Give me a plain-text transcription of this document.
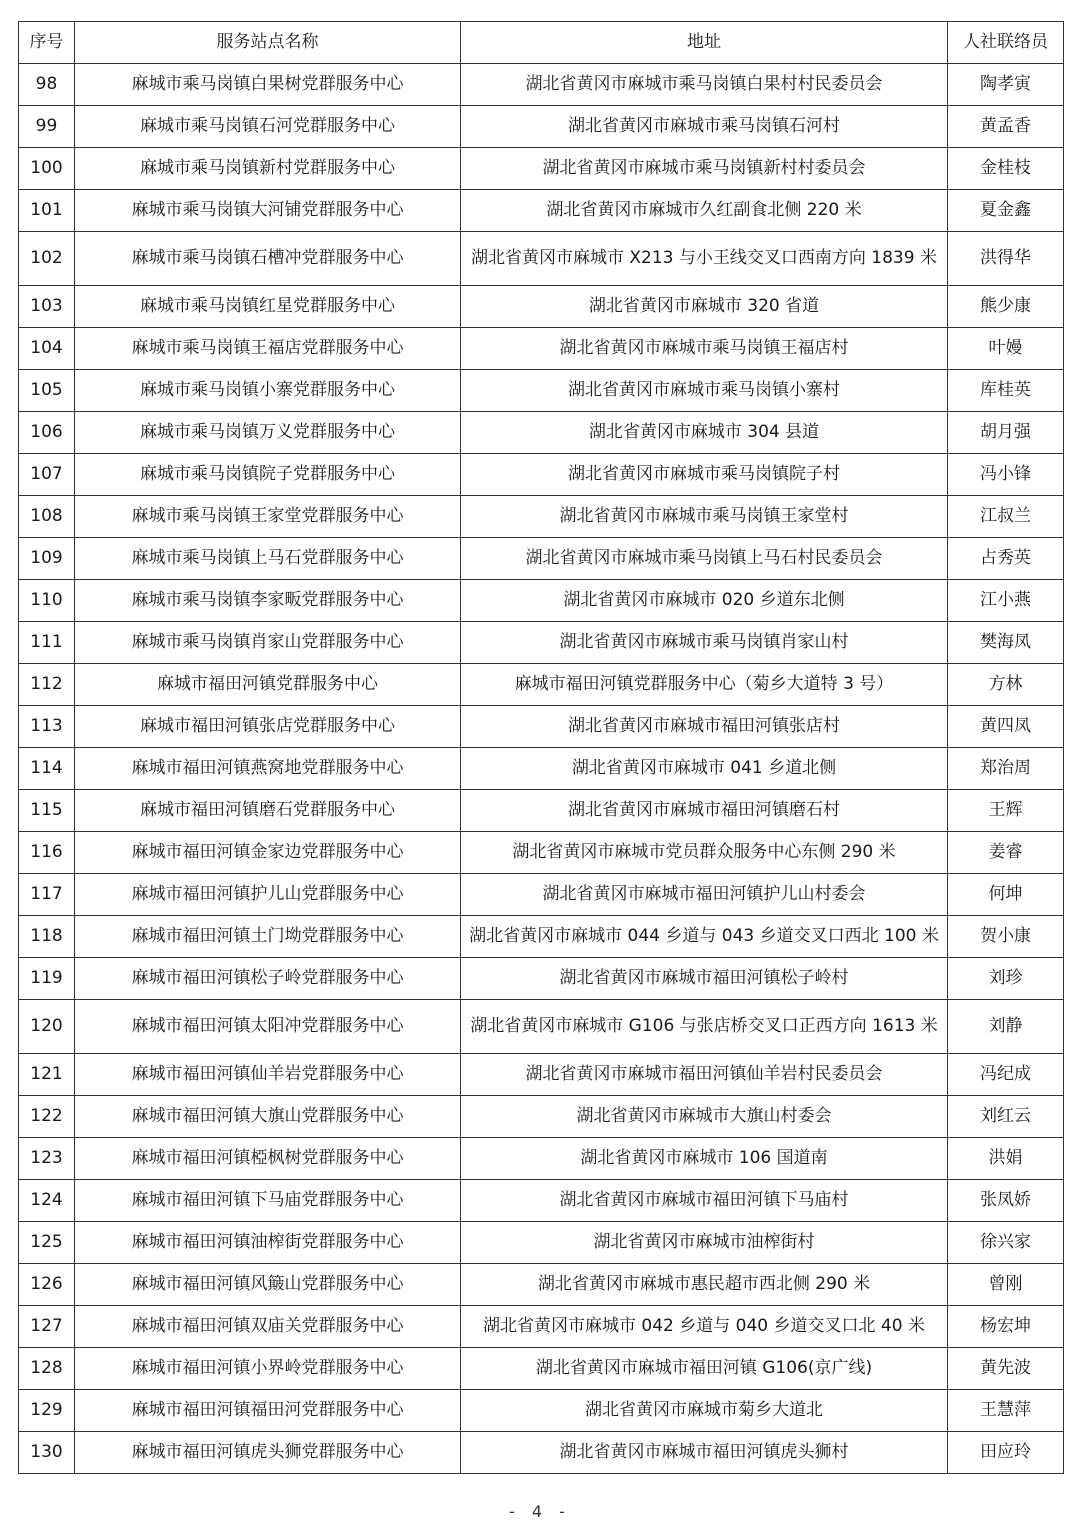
序号	服务站点名称	地址	人社联络员
98	麻城市乘马岗镇白果树党群服务中心	湖北省黄冈市麻城市乘马岗镇白果村村民委员会	陶孝寅
99	麻城市乘马岗镇石河党群服务中心	湖北省黄冈市麻城市乘马岗镇石河村	黄孟香
100	麻城市乘马岗镇新村党群服务中心	湖北省黄冈市麻城市乘马岗镇新村村委员会	金桂枝
101	麻城市乘马岗镇大河铺党群服务中心	湖北省黄冈市麻城市久红副食北侧 220 米	夏金鑫
102	麻城市乘马岗镇石槽冲党群服务中心	湖北省黄冈市麻城市 X213 与小王线交叉口西南方向 1839 米	洪得华
103	麻城市乘马岗镇红星党群服务中心	湖北省黄冈市麻城市 320 省道	熊少康
104	麻城市乘马岗镇王福店党群服务中心	湖北省黄冈市麻城市乘马岗镇王福店村	叶嫚
105	麻城市乘马岗镇小寨党群服务中心	湖北省黄冈市麻城市乘马岗镇小寨村	库桂英
106	麻城市乘马岗镇万义党群服务中心	湖北省黄冈市麻城市 304 县道	胡月强
107	麻城市乘马岗镇院子党群服务中心	湖北省黄冈市麻城市乘马岗镇院子村	冯小锋
108	麻城市乘马岗镇王家堂党群服务中心	湖北省黄冈市麻城市乘马岗镇王家堂村	江叔兰
109	麻城市乘马岗镇上马石党群服务中心	湖北省黄冈市麻城市乘马岗镇上马石村民委员会	占秀英
110	麻城市乘马岗镇李家畈党群服务中心	湖北省黄冈市麻城市 020 乡道东北侧	江小燕
111	麻城市乘马岗镇肖家山党群服务中心	湖北省黄冈市麻城市乘马岗镇肖家山村	樊海凤
112	麻城市福田河镇党群服务中心	麻城市福田河镇党群服务中心（菊乡大道特 3 号）	方林
113	麻城市福田河镇张店党群服务中心	湖北省黄冈市麻城市福田河镇张店村	黄四凤
114	麻城市福田河镇燕窝地党群服务中心	湖北省黄冈市麻城市 041 乡道北侧	郑治周
115	麻城市福田河镇磨石党群服务中心	湖北省黄冈市麻城市福田河镇磨石村	王辉
116	麻城市福田河镇金家边党群服务中心	湖北省黄冈市麻城市党员群众服务中心东侧 290 米	姜睿
117	麻城市福田河镇护儿山党群服务中心	湖北省黄冈市麻城市福田河镇护儿山村委会	何坤
118	麻城市福田河镇土门坳党群服务中心	湖北省黄冈市麻城市 044 乡道与 043 乡道交叉口西北 100 米	贺小康
119	麻城市福田河镇松子岭党群服务中心	湖北省黄冈市麻城市福田河镇松子岭村	刘珍
120	麻城市福田河镇太阳冲党群服务中心	湖北省黄冈市麻城市 G106 与张店桥交叉口正西方向 1613 米	刘静
121	麻城市福田河镇仙羊岩党群服务中心	湖北省黄冈市麻城市福田河镇仙羊岩村民委员会	冯纪成
122	麻城市福田河镇大旗山党群服务中心	湖北省黄冈市麻城市大旗山村委会	刘红云
123	麻城市福田河镇椏枫树党群服务中心	湖北省黄冈市麻城市 106 国道南	洪娟
124	麻城市福田河镇下马庙党群服务中心	湖北省黄冈市麻城市福田河镇下马庙村	张凤娇
125	麻城市福田河镇油榨街党群服务中心	湖北省黄冈市麻城市油榨街村	徐兴家
126	麻城市福田河镇风簸山党群服务中心	湖北省黄冈市麻城市惠民超市西北侧 290 米	曾刚
127	麻城市福田河镇双庙关党群服务中心	湖北省黄冈市麻城市 042 乡道与 040 乡道交叉口北 40 米	杨宏坤
128	麻城市福田河镇小界岭党群服务中心	湖北省黄冈市麻城市福田河镇 G106(京广线)	黄先波
129	麻城市福田河镇福田河党群服务中心	湖北省黄冈市麻城市菊乡大道北	王慧萍
130	麻城市福田河镇虎头狮党群服务中心	湖北省黄冈市麻城市福田河镇虎头狮村	田应玲
- 4 -
